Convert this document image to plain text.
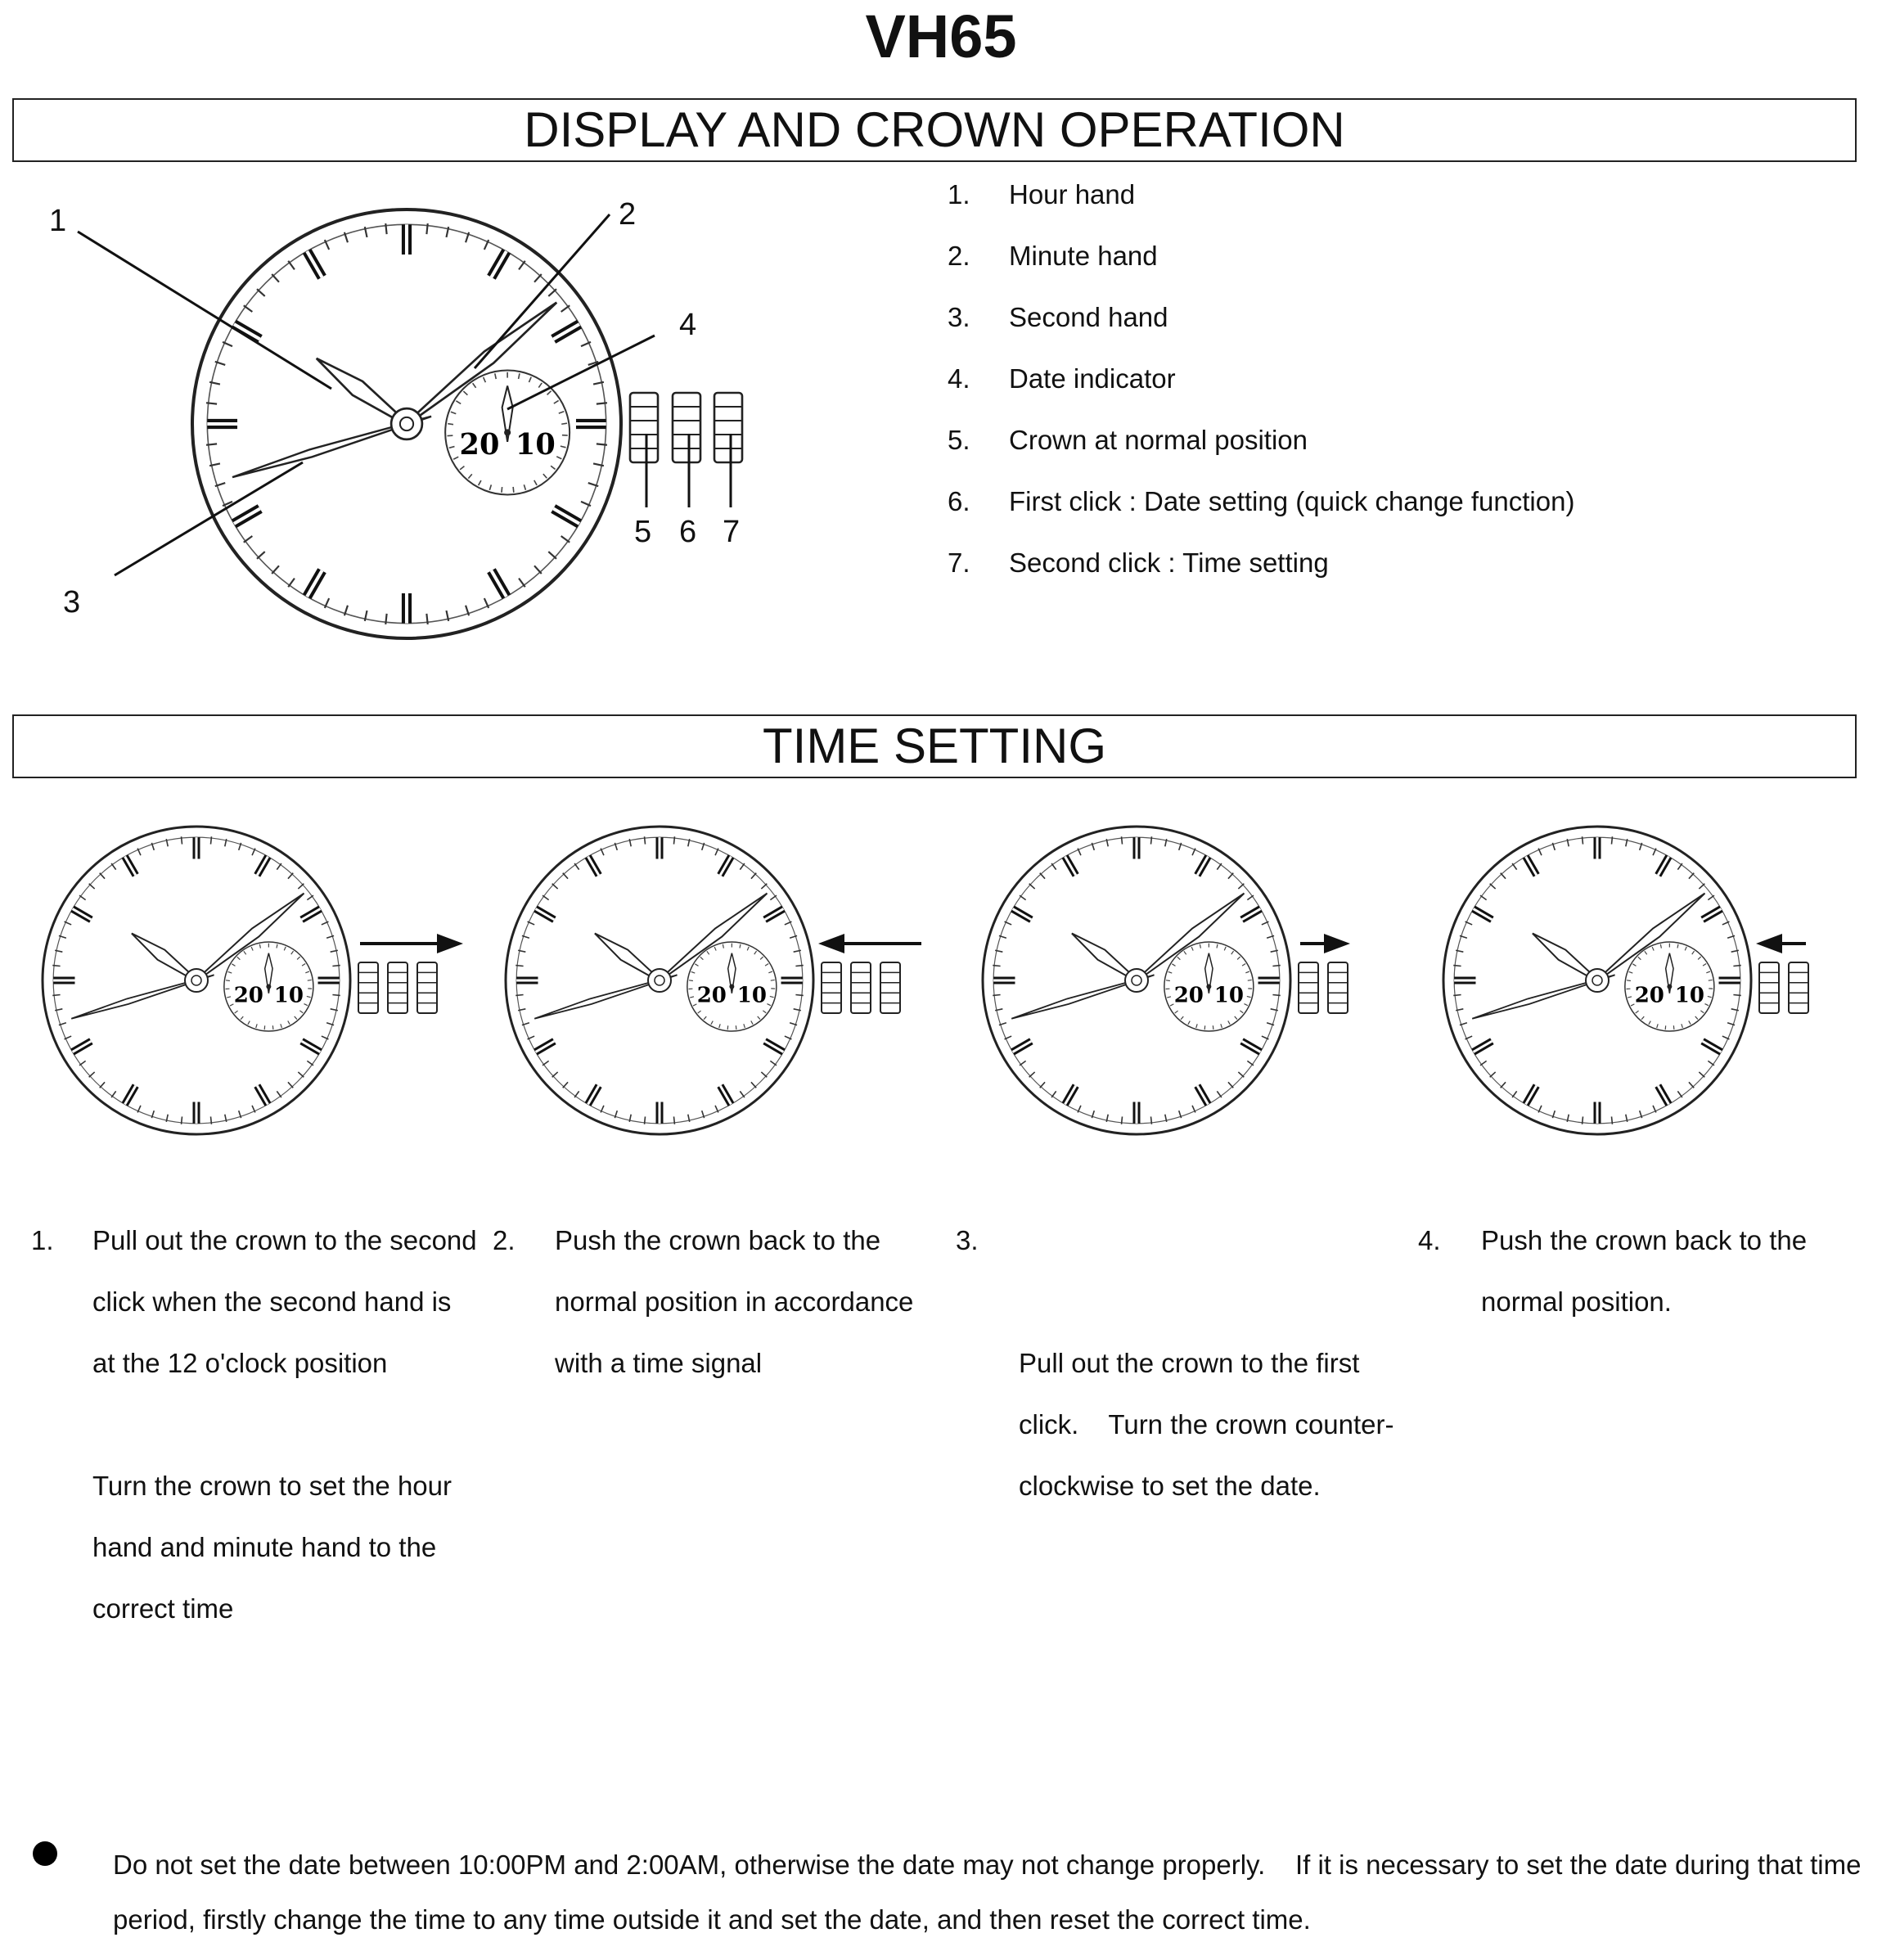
VH65
DISPLAY AND CROWN OPERATION
20 10
1	2
3
4
5 6 7
1.	Hour hand
2.	Minute hand
3.	Second hand
4.	Date indicator
5.	Crown at normal position
6.	First click : Date setting (quick change function)
7.	Second click : Time setting
TIME SETTING
20 10	20 10	20 10	20 10
1. Pull out the crown to the second click when the second hand is at the 12 o'clock position

Turn the crown to set the hour hand and minute hand to the correct time

2. Push the crown back to the normal position in accordance with a time signal

3.

Pull out the crown to the first click.    Turn the crown counter-clockwise to set the date.

4. Push the crown back to the normal position.

Do not set the date between 10:00PM and 2:00AM, otherwise the date may not change properly.    If it is necessary to set the date during that time period, firstly change the time to any time outside it and set the date, and then reset the correct time.
